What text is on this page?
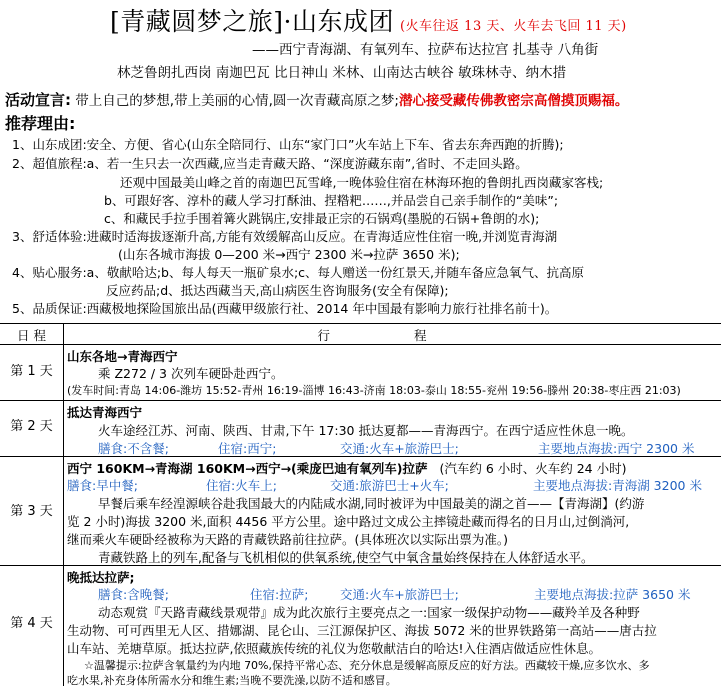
[青藏圆梦之旅]·山东成团 (火车往返 13 天、火车去飞回 11 天)
——西宁青海湖、有氧列车、拉萨布达拉宫 扎基寺 八角街
林芝鲁朗扎西岗 南迦巴瓦 比日神山 米林、山南达古峡谷 敏珠林寺、纳木措
活动宣言: 带上自己的梦想,带上美丽的心情,圆一次青藏高原之梦;潜心接受藏传佛教密宗高僧摸顶赐福。
推荐理由:
1、山东成团:安全、方便、省心(山东全陪同行、山东“家门口”火车站上下车、省去东奔西跑的折腾);
2、超值旅程:a、若一生只去一次西藏,应当走青藏天路、“深度游藏东南”,省时、不走回头路。
还观中国最美山峰之首的南迦巴瓦雪峰,一晚体验住宿在林海环抱的鲁朗扎西岗藏家客栈;
b、可跟好客、淳朴的藏人学习打酥油、捏糌粑……,并品尝自己亲手制作的“美味”;
c、和藏民手拉手围着篝火跳锅庄,安排最正宗的石锅鸡(墨脱的石锅+鲁朗的水);
3、舒适体验:进藏时适海拔逐渐升高,方能有效缓解高山反应。在青海适应性住宿一晚,并浏览青海湖
(山东各城市海拔 0—200 米→西宁 2300 米→拉萨 3650 米);
4、贴心服务:a、敬献哈达;b、每人每天一瓶矿泉水;c、每人赠送一份红景天,并随车备应急氧气、抗高原
反应药品;d、抵达西藏当天,高山病医生咨询服务(安全有保障);
5、品质保证:西藏极地探险国旅出品(西藏甲级旅行社、2014 年中国最有影响力旅行社排名前十)。
日 程	行 程
第 1 天
山东各地→青海西宁
乘 Z272 / 3 次列车硬卧赴西宁。
(发车时间:青岛 14:06-潍坊 15:52-青州 16:19-淄博 16:43-济南 18:03-泰山 18:55-兖州 19:56-滕州 20:38-枣庄西 21:03)
第 2 天
抵达青海西宁
火车途经江苏、河南、陕西、甘肃,下午 17:30 抵达夏都——青海西宁。在西宁适应性休息一晚。
膳食:不含餐;	住宿:西宁;	交通:火车+旅游巴士;	主要地点海拔:西宁 2300 米
第 3 天
西宁 160KM→青海湖 160KM→西宁→(乘庞巴迪有氧列车)拉萨 (汽车约 6 小时、火车约 24 小时)
膳食:早中餐;	住宿:火车上;	交通:旅游巴士+火车;	主要地点海拔:青海湖 3200 米
早餐后乘车经湟源峡谷赴我国最大的内陆咸水湖,同时被评为中国最美的湖之首——【青海湖】(约游
览 2 小时)海拔 3200 米,面积 4456 平方公里。途中路过文成公主摔镜赴藏而得名的日月山,过倒淌河,
继而乘火车硬卧经被称为天路的青藏铁路前往拉萨。(具体班次以实际出票为准。)
青藏铁路上的列车,配备与飞机相似的供氧系统,使空气中氧含量始终保持在人体舒适水平。
第 4 天
晚抵达拉萨;
膳食:含晚餐;	住宿:拉萨;	交通:火车+旅游巴士;	主要地点海拔:拉萨 3650 米
动态观赏『天路青藏线景观带』成为此次旅行主要亮点之一:国家一级保护动物——藏羚羊及各种野
生动物、可可西里无人区、措娜湖、昆仑山、三江源保护区、海拔 5072 米的世界铁路第一高站——唐古拉
山车站、羌塘草原。抵达拉萨,依照藏族传统的礼仪为您敬献洁白的哈达!入住酒店做适应性休息。
☆温馨提示:拉萨含氧量约为内地 70%,保持平常心态、充分休息是缓解高原反应的好方法。西藏较干燥,应多饮水、多
吃水果,补充身体所需水分和维生素;当晚不要洗澡,以防不适和感冒。
